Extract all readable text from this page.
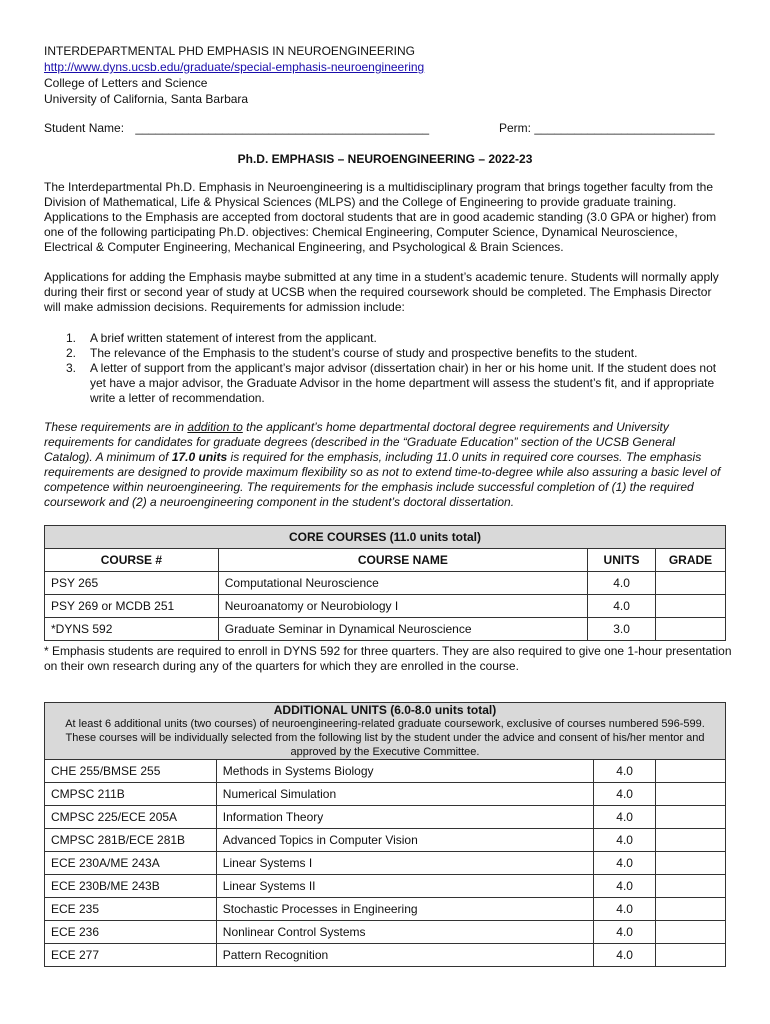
INTERDEPARTMENTAL PHD EMPHASIS IN NEUROENGINEERING
http://www.dyns.ucsb.edu/graduate/special-emphasis-neuroengineering
College of Letters and Science
University of California, Santa Barbara
Student Name: ____________________________________________	Perm: ___________________________
Ph.D. EMPHASIS – NEUROENGINEERING – 2022-23
The Interdepartmental Ph.D. Emphasis in Neuroengineering is a multidisciplinary program that brings together faculty from the Division of Mathematical, Life & Physical Sciences (MLPS) and the College of Engineering to provide graduate training. Applications to the Emphasis are accepted from doctoral students that are in good academic standing (3.0 GPA or higher) from one of the following participating Ph.D. objectives: Chemical Engineering, Computer Science, Dynamical Neuroscience, Electrical & Computer Engineering, Mechanical Engineering, and Psychological & Brain Sciences.
Applications for adding the Emphasis maybe submitted at any time in a student’s academic tenure. Students will normally apply during their first or second year of study at UCSB when the required coursework should be completed. The Emphasis Director will make admission decisions. Requirements for admission include:
1. A brief written statement of interest from the applicant.
2. The relevance of the Emphasis to the student’s course of study and prospective benefits to the student.
3. A letter of support from the applicant’s major advisor (dissertation chair) in her or his home unit. If the student does not yet have a major advisor, the Graduate Advisor in the home department will assess the student’s fit, and if appropriate write a letter of recommendation.
These requirements are in addition to the applicant’s home departmental doctoral degree requirements and University requirements for candidates for graduate degrees (described in the “Graduate Education” section of the UCSB General Catalog). A minimum of 17.0 units is required for the emphasis, including 11.0 units in required core courses. The emphasis requirements are designed to provide maximum flexibility so as not to extend time-to-degree while also assuring a basic level of competence within neuroengineering. The requirements for the emphasis include successful completion of (1) the required coursework and (2) a neuroengineering component in the student’s doctoral dissertation.
CORE COURSES (11.0 units total)			
COURSE #	COURSE NAME	UNITS	GRADE
PSY 265	Computational Neuroscience	4.0	
PSY 269 or MCDB 251	Neuroanatomy or Neurobiology I	4.0	
*DYNS 592	Graduate Seminar in Dynamical Neuroscience	3.0	
* Emphasis students are required to enroll in DYNS 592 for three quarters. They are also required to give one 1-hour presentation on their own research during any of the quarters for which they are enrolled in the course.
ADDITIONAL UNITS (6.0-8.0 units total)
At least 6 additional units (two courses) of neuroengineering-related graduate coursework, exclusive of courses numbered 596-599. These courses will be individually selected from the following list by the student under the advice and consent of his/her mentor and approved by the Executive Committee.			

CHE 255/BMSE 255	Methods in Systems Biology	4.0	
CMPSC 211B	Numerical Simulation	4.0	
CMPSC 225/ECE 205A	Information Theory	4.0	
CMPSC 281B/ECE 281B	Advanced Topics in Computer Vision	4.0	
ECE 230A/ME 243A	Linear Systems I	4.0	
ECE 230B/ME 243B	Linear Systems II	4.0	
ECE 235	Stochastic Processes in Engineering	4.0	
ECE 236	Nonlinear Control Systems	4.0	
ECE 277	Pattern Recognition	4.0	
